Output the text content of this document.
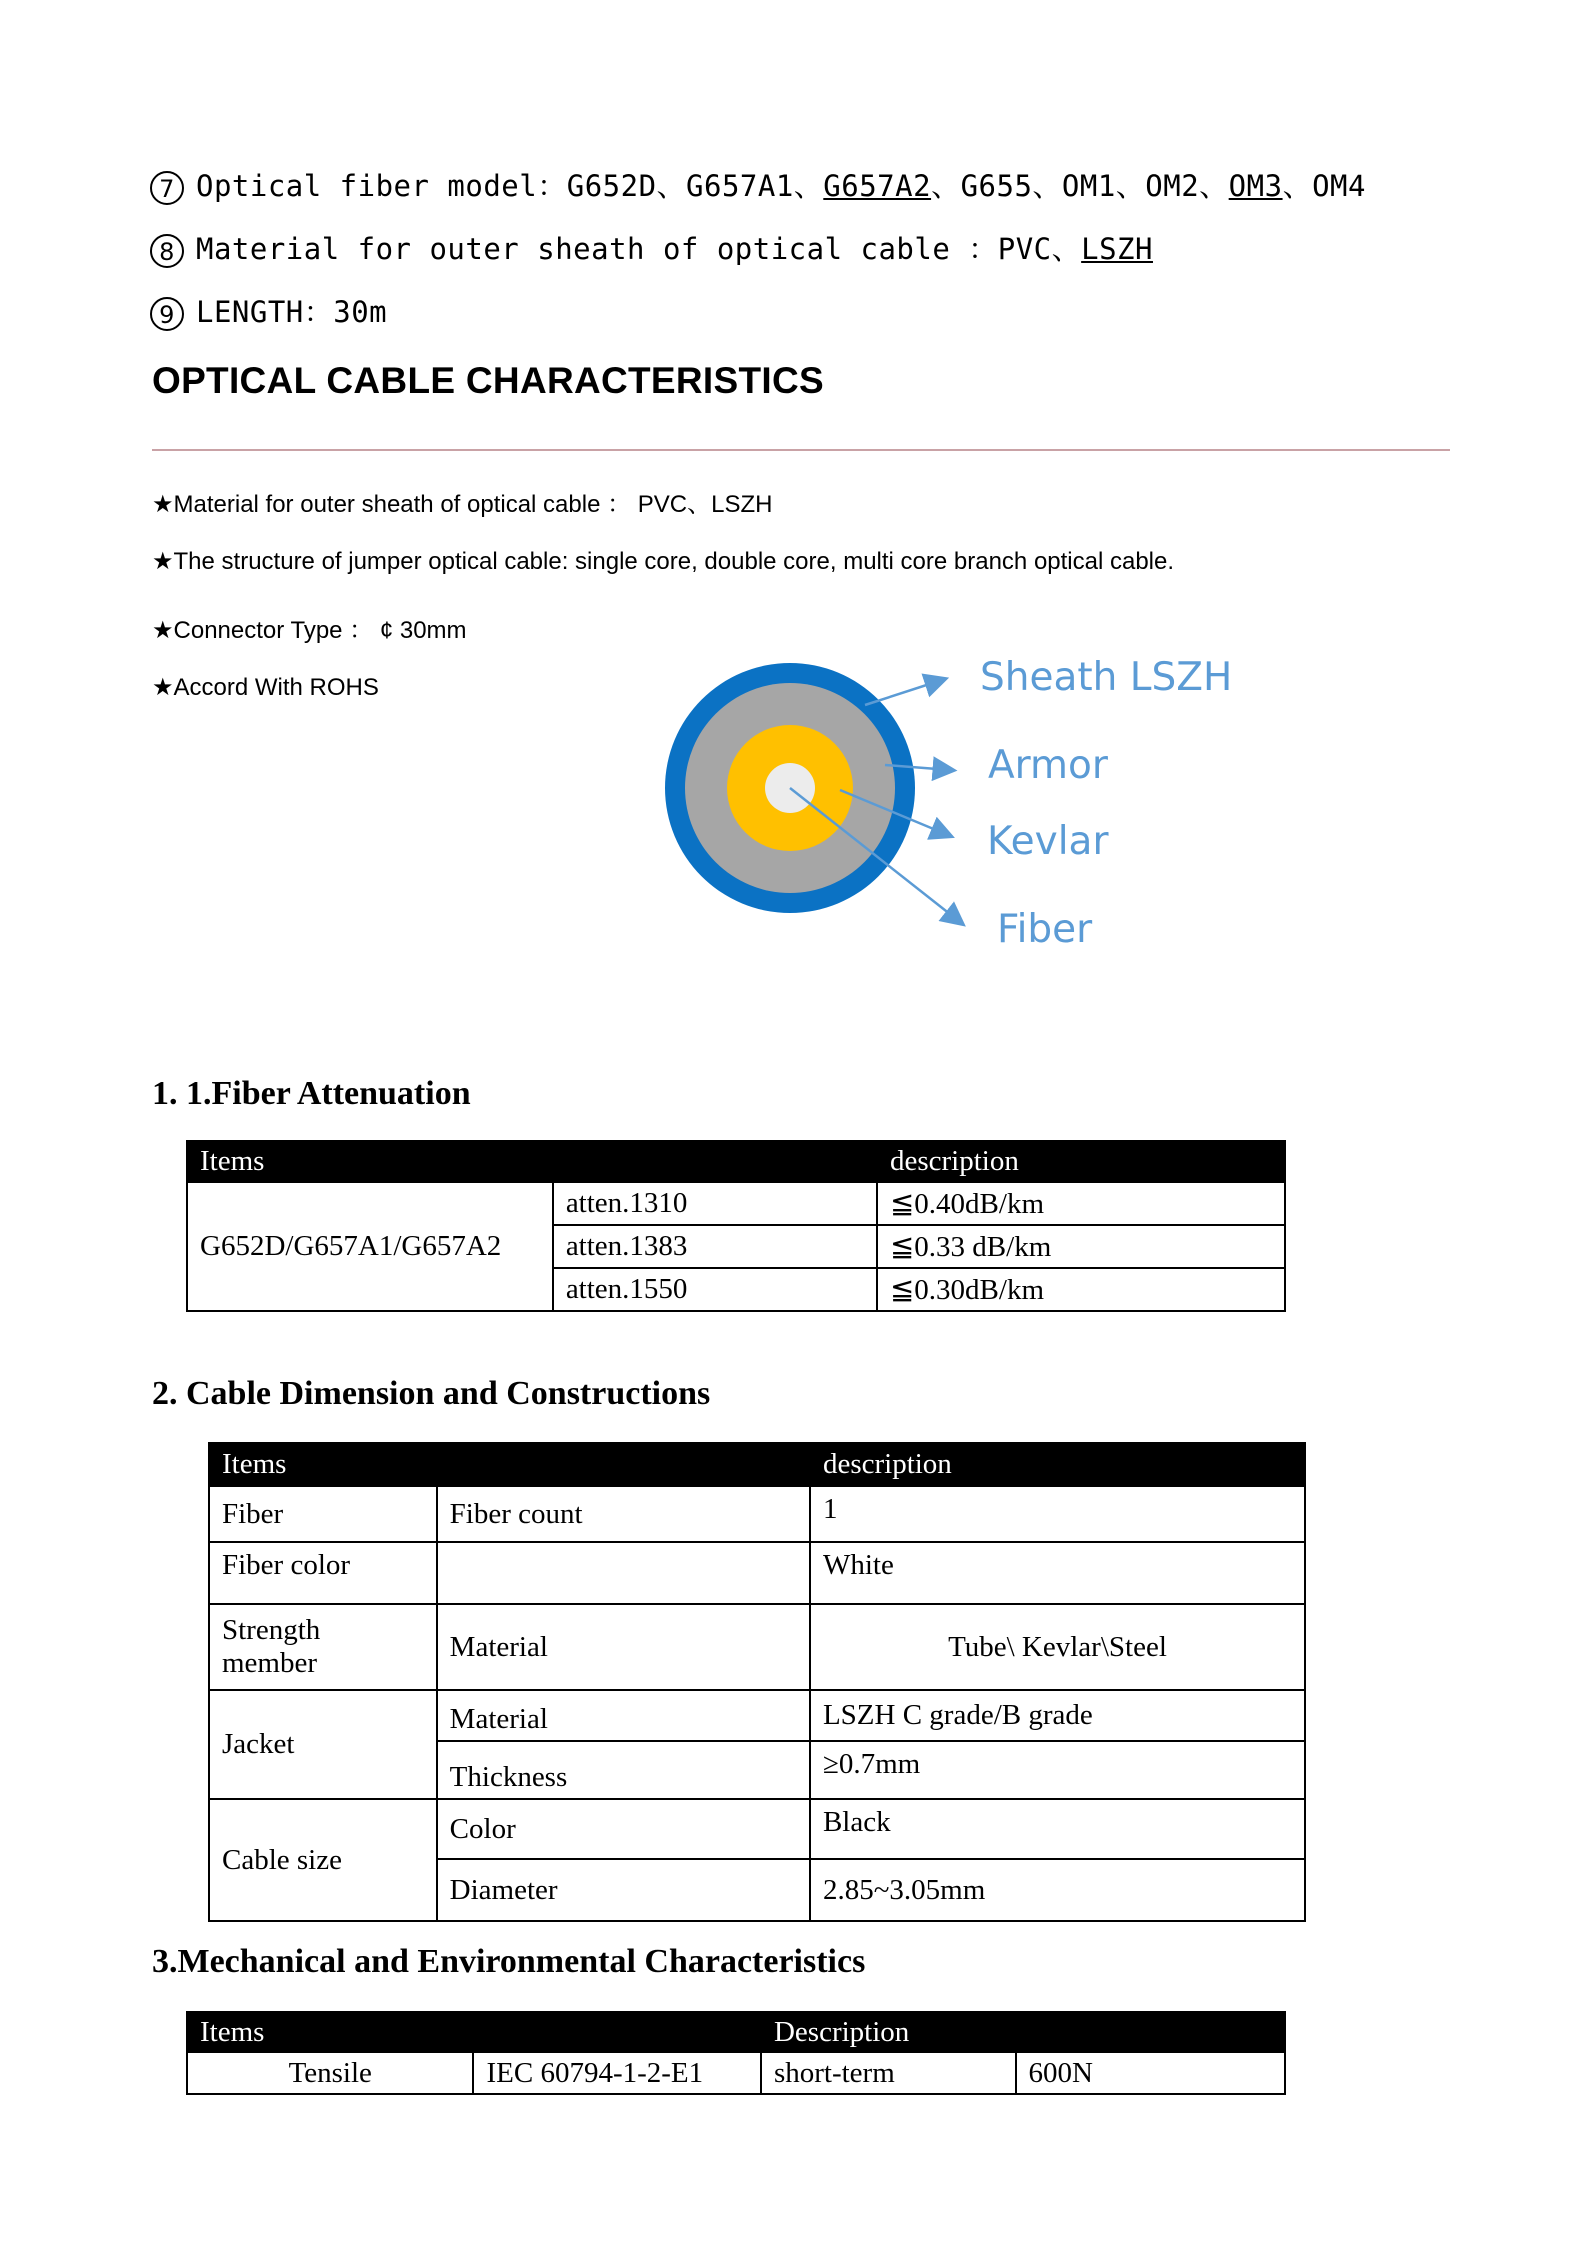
7 Optical fiber model：G652D、G657A1、G657A2、G655、OM1、OM2、OM3、OM4
8 Material for outer sheath of optical cable ：PVC、LSZH
9 LENGTH：30m
OPTICAL CABLE CHARACTERISTICS
★Material for outer sheath of optical cable ： PVC、LSZH
★The structure of jumper optical cable: single core, double core, multi core branch optical cable.
★Connector Type ： ¢ 30mm
★Accord With ROHS	Sheath LSZH
Armor
Kevlar
Fiber
1. 1.Fiber Attenuation
Items		description
G652D/G657A1/G657A2	atten.1310	≦0.40dB/km
	atten.1383	≦0.33 dB/km
	atten.1550	≦0.30dB/km
2. Cable Dimension and Constructions
Items		description
Fiber	Fiber count	1
Fiber color		White
Strength
member	Material	Tube\ Kevlar\Steel
Jacket	Material	LSZH C grade/B grade
	Thickness	≥0.7mm
Cable size	Color	Black
	Diameter	2.85~3.05mm
3.Mechanical and Environmental Characteristics
Items		Description	
Tensile	IEC 60794-1-2-E1	short-term	600N
